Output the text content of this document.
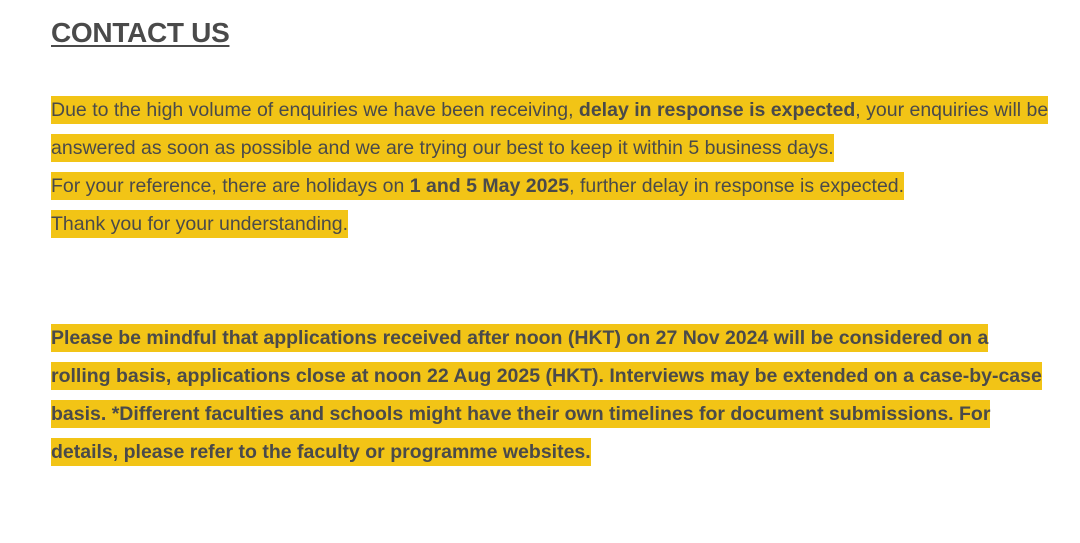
CONTACT US

Due to the high volume of enquiries we have been receiving, delay in response is expected, your enquiries will be answered as soon as possible and we are trying our best to keep it within 5 business days.
For your reference, there are holidays on 1 and 5 May 2025, further delay in response is expected.
Thank you for your understanding.

Please be mindful that applications received after noon (HKT) on 27 Nov 2024 will be considered on a rolling basis, applications close at noon 22 Aug 2025 (HKT). Interviews may be extended on a case-by-case basis. *Different faculties and schools might have their own timelines for document submissions. For details, please refer to the faculty or programme websites.
